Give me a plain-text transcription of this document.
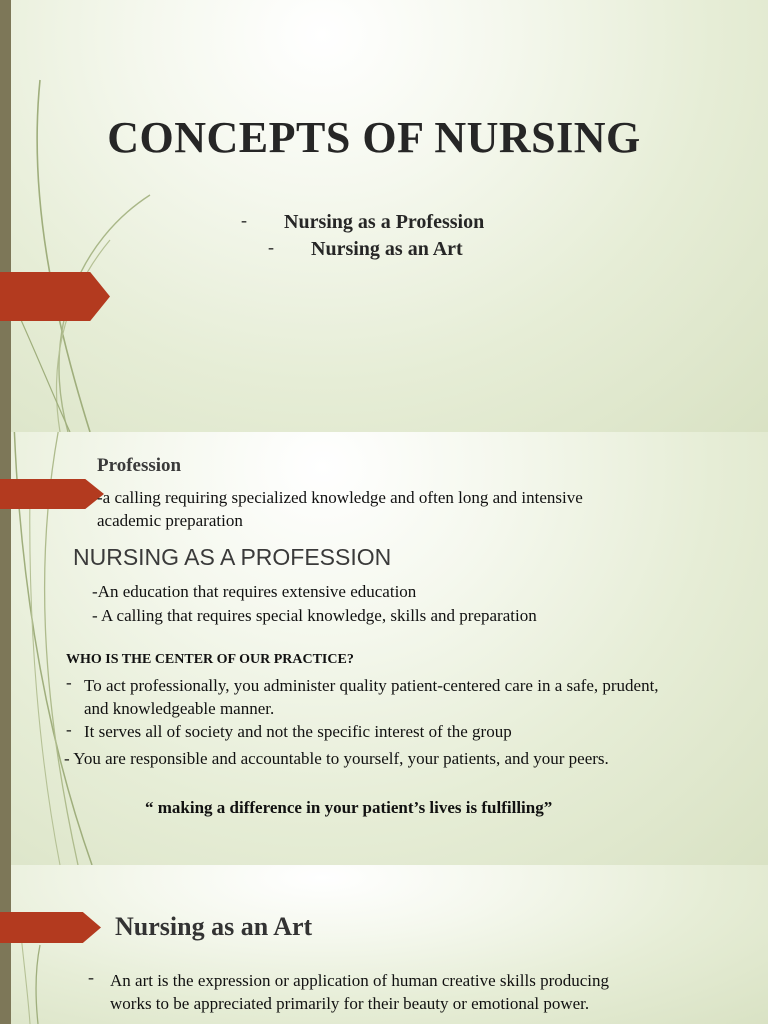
CONCEPTS OF NURSING
- Nursing as a Profession
- Nursing as an Art
Profession
-a calling requiring specialized knowledge and often long and intensive
academic preparation
NURSING AS A PROFESSION
-An education that requires extensive education
- A calling that requires special knowledge, skills and preparation
WHO IS THE CENTER OF OUR PRACTICE?
- To act professionally, you administer quality patient-centered care in a safe, prudent,
and knowledgeable manner.
- It serves all of society and not the specific interest of the group
- You are responsible and accountable to yourself, your patients, and your peers.
“ making a difference in your patient’s lives is fulfilling”
Nursing as an Art
- An art is the expression or application of human creative skills producing
works to be appreciated primarily for their beauty or emotional power.
